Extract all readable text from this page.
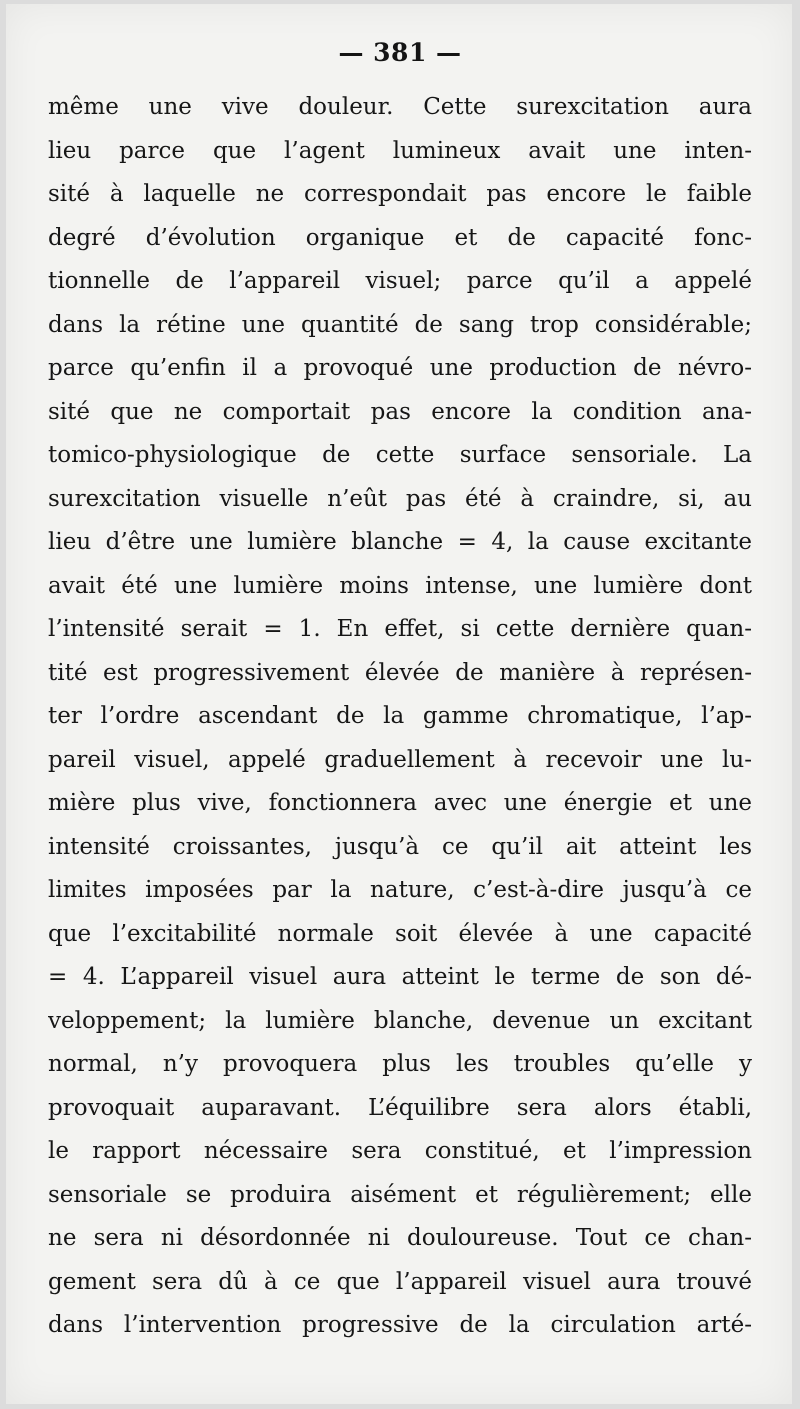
— 381 —
même une vive douleur. Cette surexcitation aura
lieu parce que l’agent lumineux avait une inten-
sité à laquelle ne correspondait pas encore le faible
degré d’évolution organique et de capacité fonc-
tionnelle de l’appareil visuel; parce qu’il a appelé
dans la rétine une quantité de sang trop considérable;
parce qu’enfin il a provoqué une production de névro-
sité que ne comportait pas encore la condition ana-
tomico-physiologique de cette surface sensoriale. La
surexcitation visuelle n’eût pas été à craindre, si, au
lieu d’être une lumière blanche = 4, la cause excitante
avait été une lumière moins intense, une lumière dont
l’intensité serait = 1. En effet, si cette dernière quan-
tité est progressivement élevée de manière à représen-
ter l’ordre ascendant de la gamme chromatique, l’ap-
pareil visuel, appelé graduellement à recevoir une lu-
mière plus vive, fonctionnera avec une énergie et une
intensité croissantes, jusqu’à ce qu’il ait atteint les
limites imposées par la nature, c’est-à-dire jusqu’à ce
que l’excitabilité normale soit élevée à une capacité
= 4. L’appareil visuel aura atteint le terme de son dé-
veloppement; la lumière blanche, devenue un excitant
normal, n’y provoquera plus les troubles qu’elle y
provoquait auparavant. L’équilibre sera alors établi,
le rapport nécessaire sera constitué, et l’impression
sensoriale se produira aisément et régulièrement; elle
ne sera ni désordonnée ni douloureuse. Tout ce chan-
gement sera dû à ce que l’appareil visuel aura trouvé
dans l’intervention progressive de la circulation arté-
